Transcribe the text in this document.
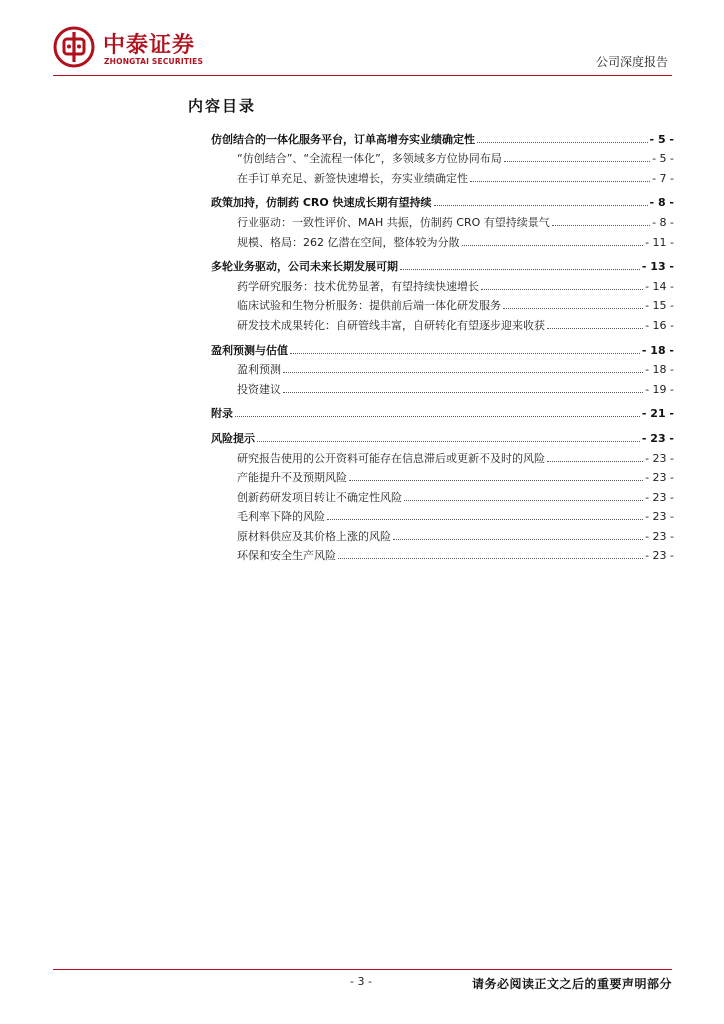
中泰证券
ZHONGTAI SECURITIES	公司深度报告
内容目录
仿创结合的一体化服务平台，订单高增夯实业绩确定性	- 5 -
“仿创结合”、“全流程一体化”，多领域多方位协同布局	- 5 -
在手订单充足、新签快速增长，夯实业绩确定性	- 7 -
政策加持，仿制药 CRO 快速成长期有望持续	- 8 -
行业驱动：一致性评价、MAH 共振，仿制药 CRO 有望持续景气	- 8 -
规模、格局：262 亿潜在空间，整体较为分散	- 11 -
多轮业务驱动，公司未来长期发展可期	- 13 -
药学研究服务：技术优势显著，有望持续快速增长	- 14 -
临床试验和生物分析服务：提供前后端一体化研发服务	- 15 -
研发技术成果转化：自研管线丰富，自研转化有望逐步迎来收获	- 16 -
盈利预测与估值	- 18 -
盈利预测	- 18 -
投资建议	- 19 -
附录	- 21 -
风险提示	- 23 -
研究报告使用的公开资料可能存在信息滞后或更新不及时的风险	- 23 -
产能提升不及预期风险	- 23 -
创新药研发项目转让不确定性风险	- 23 -
毛利率下降的风险	- 23 -
原材料供应及其价格上涨的风险	- 23 -
环保和安全生产风险	- 23 -
- 3 -	请务必阅读正文之后的重要声明部分
